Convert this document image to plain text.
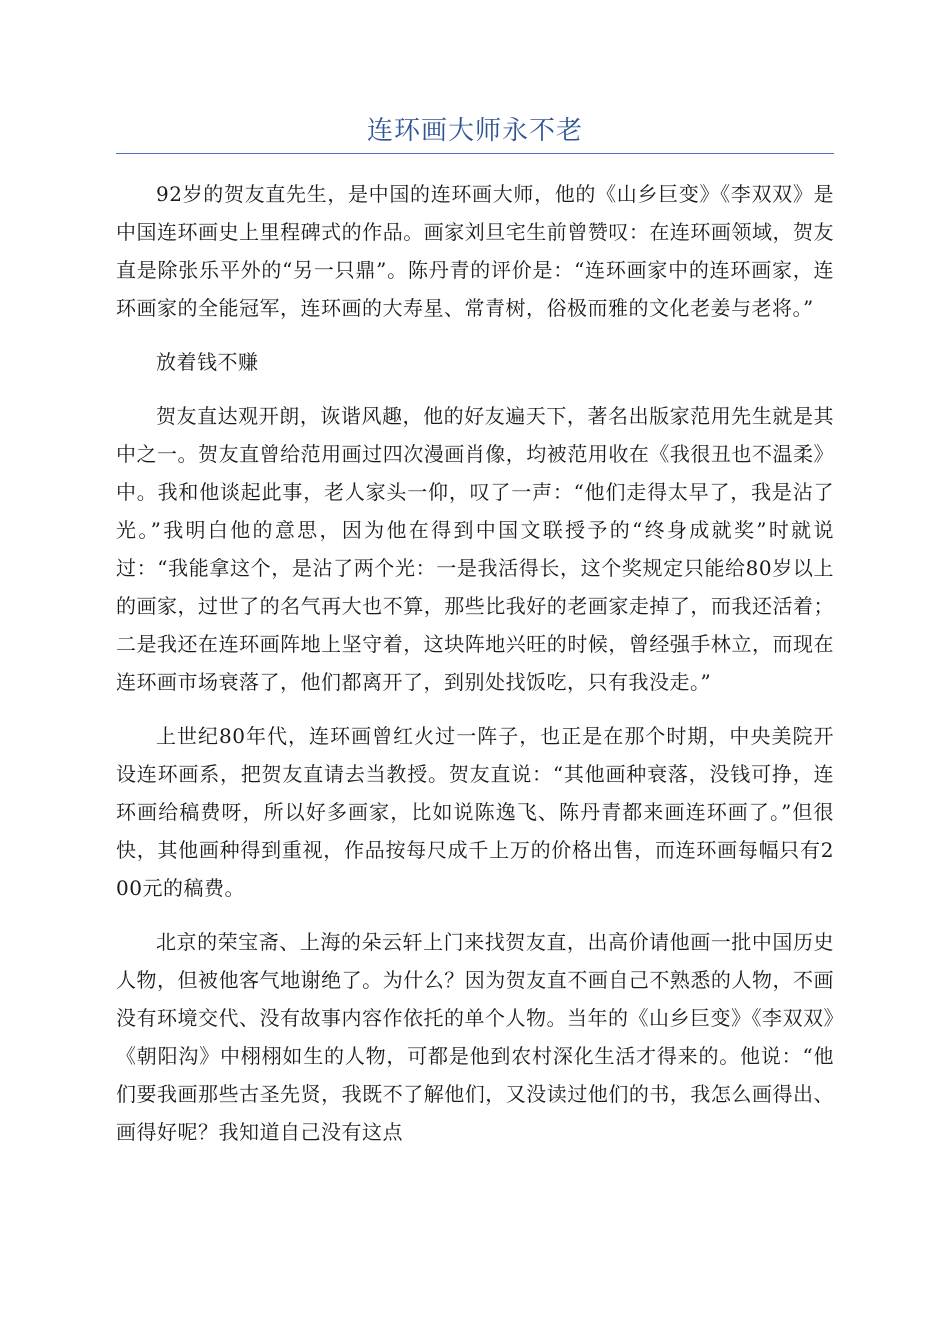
连环画大师永不老

92岁的贺友直先生，是中国的连环画大师，他的《山乡巨变》《李双双》是中国连环画史上里程碑式的作品。画家刘旦宅生前曾赞叹：在连环画领域，贺友直是除张乐平外的“另一只鼎”。陈丹青的评价是：“连环画家中的连环画家，连环画家的全能冠军，连环画的大寿星、常青树，俗极而雅的文化老姜与老将。”

放着钱不赚

贺友直达观开朗，诙谐风趣，他的好友遍天下，著名出版家范用先生就是其中之一。贺友直曾给范用画过四次漫画肖像，均被范用收在《我很丑也不温柔》中。我和他谈起此事，老人家头一仰，叹了一声：“他们走得太早了，我是沾了光。”我明白他的意思，因为他在得到中国文联授予的“终身成就奖”时就说过：“我能拿这个，是沾了两个光：一是我活得长，这个奖规定只能给80岁以上的画家，过世了的名气再大也不算，那些比我好的老画家走掉了，而我还活着；二是我还在连环画阵地上坚守着，这块阵地兴旺的时候，曾经强手林立，而现在连环画市场衰落了，他们都离开了，到别处找饭吃，只有我没走。”

上世纪80年代，连环画曾红火过一阵子，也正是在那个时期，中央美院开设连环画系，把贺友直请去当教授。贺友直说：“其他画种衰落，没钱可挣，连环画给稿费呀，所以好多画家，比如说陈逸飞、陈丹青都来画连环画了。”但很快，其他画种得到重视，作品按每尺成千上万的价格出售，而连环画每幅只有200元的稿费。

北京的荣宝斋、上海的朵云轩上门来找贺友直，出高价请他画一批中国历史人物，但被他客气地谢绝了。为什么？因为贺友直不画自己不熟悉的人物，不画没有环境交代、没有故事内容作依托的单个人物。当年的《山乡巨变》《李双双》《朝阳沟》中栩栩如生的人物，可都是他到农村深化生活才得来的。他说：“他们要我画那些古圣先贤，我既不了解他们，又没读过他们的书，我怎么画得出、画得好呢？我知道自己没有这点
